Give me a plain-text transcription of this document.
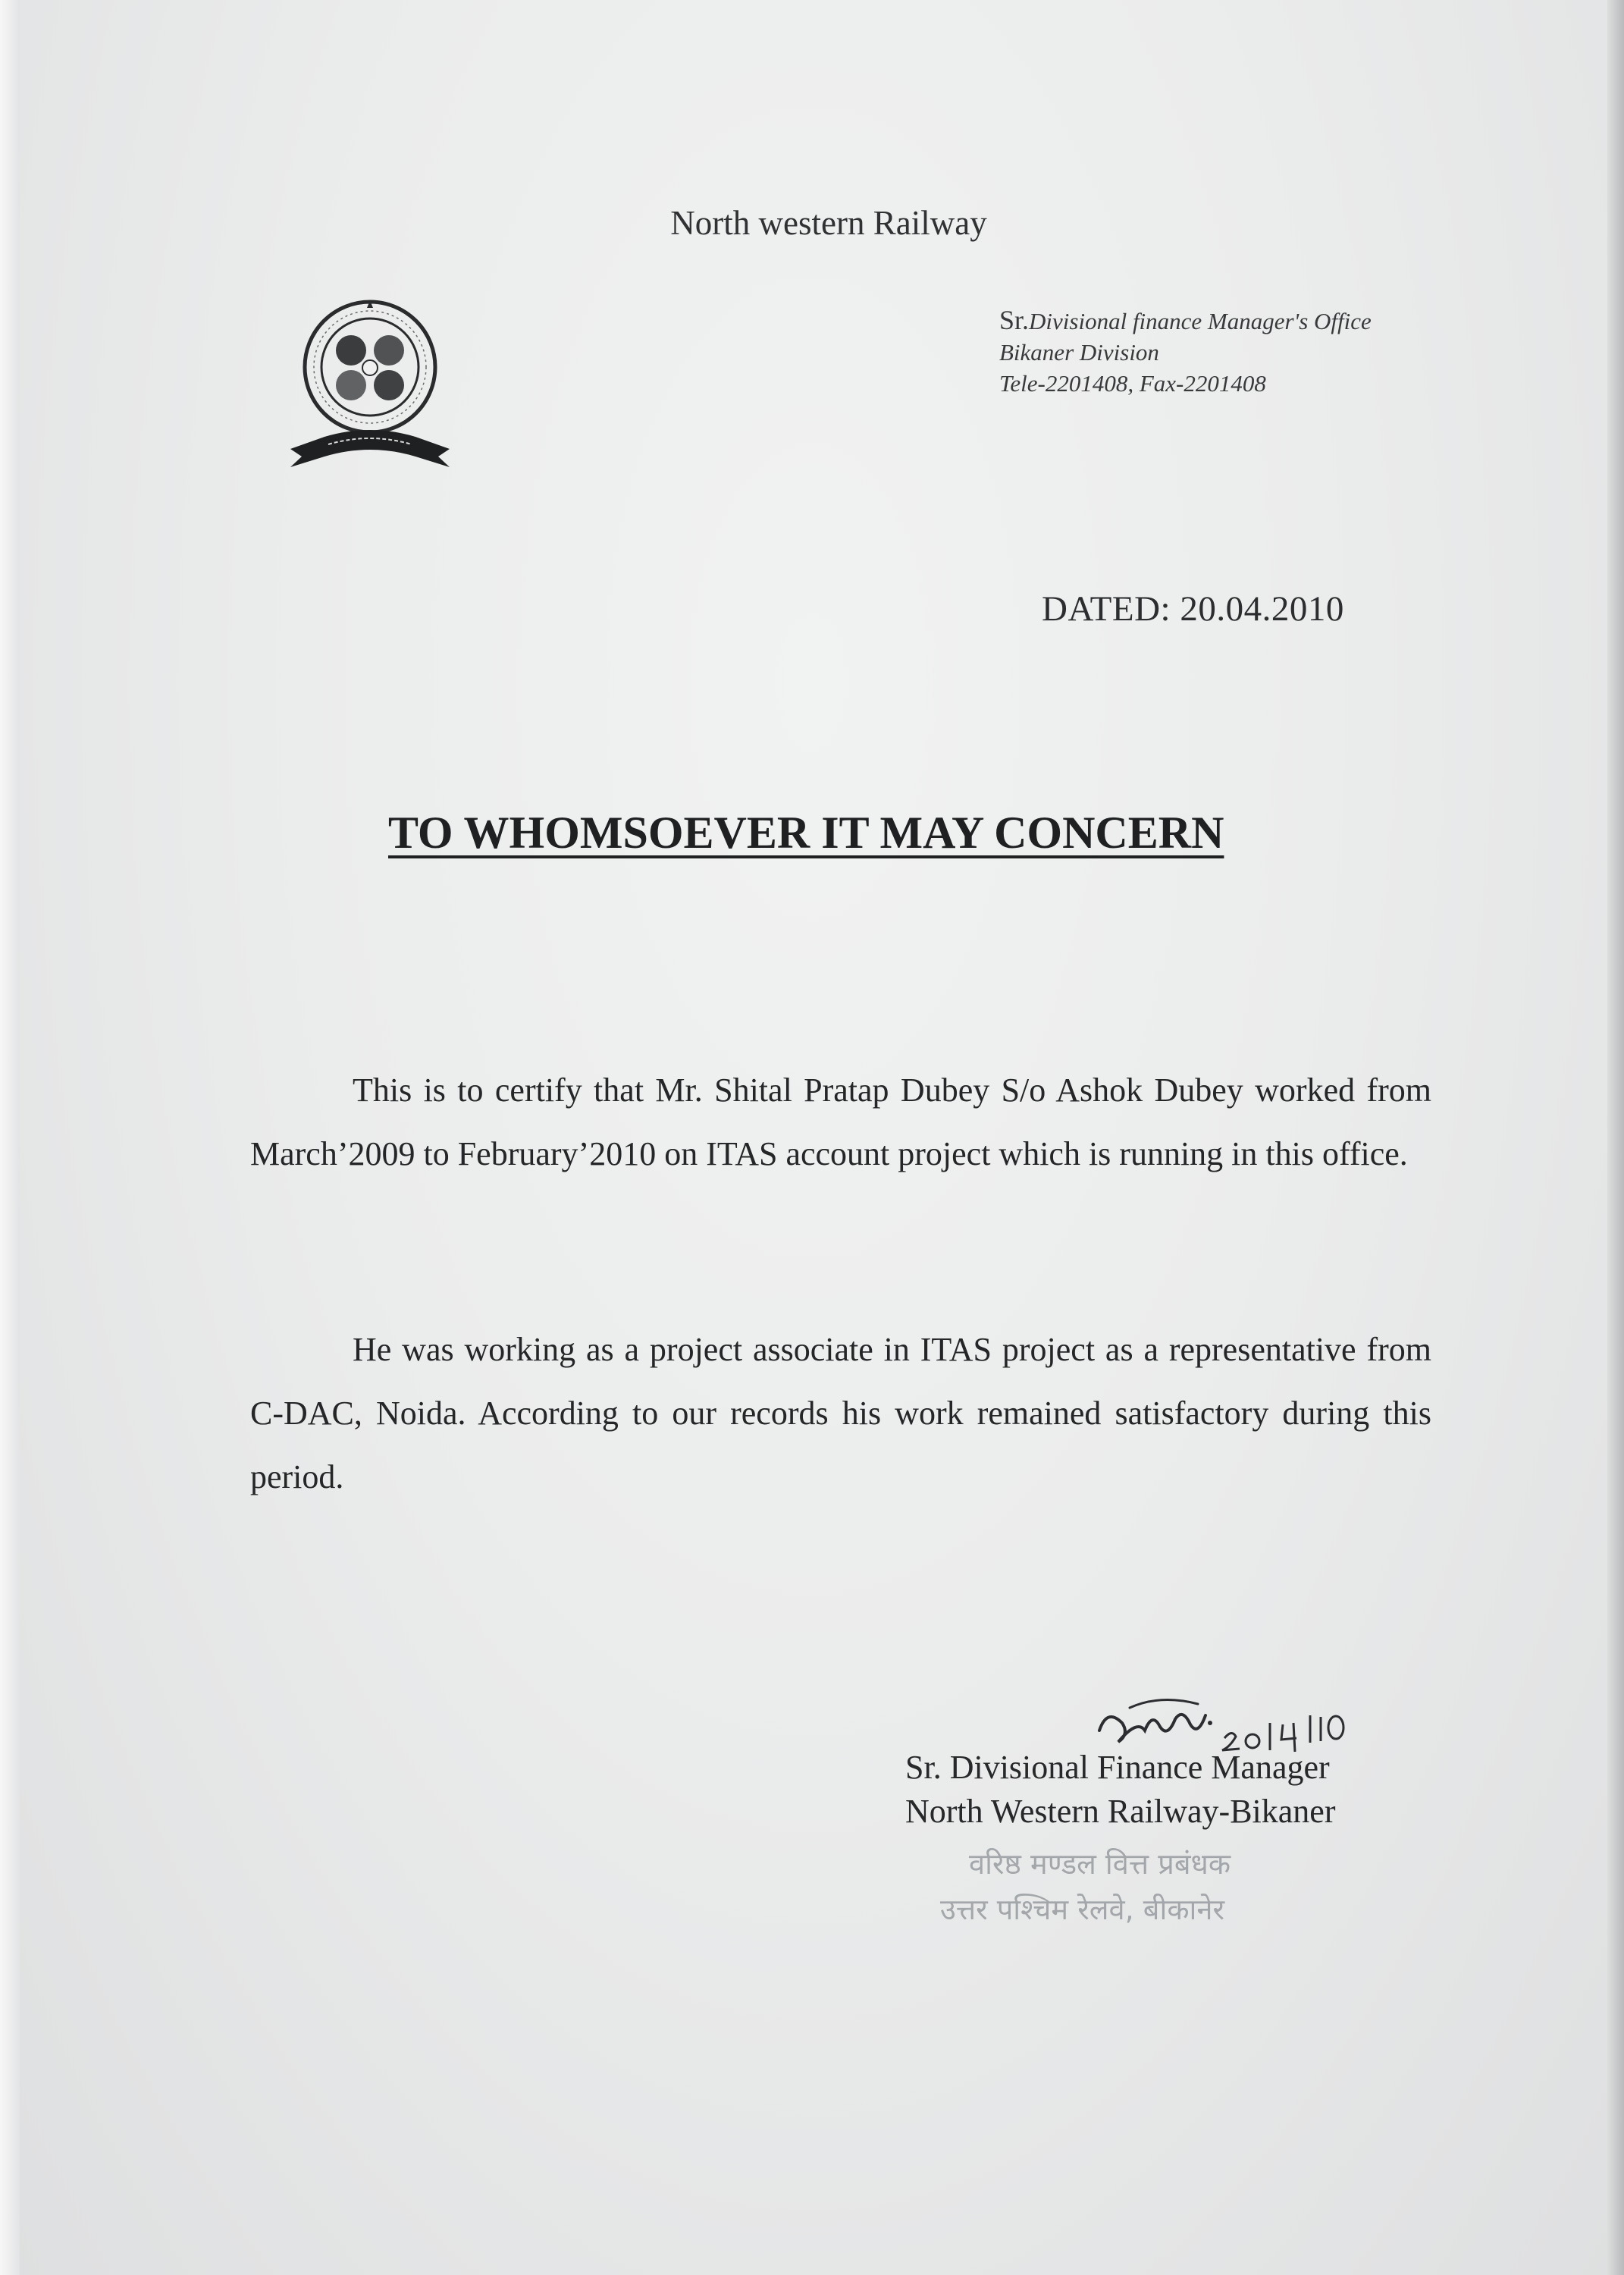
North western Railway
Sr.Divisional finance Manager's Office
Bikaner Division
Tele-2201408, Fax-2201408
DATED: 20.04.2010
TO WHOMSOEVER IT MAY CONCERN

This is to certify that Mr. Shital Pratap Dubey S/o Ashok Dubey worked from March’2009 to February’2010 on ITAS account project which is running in this office.

He was working as a project associate in ITAS project as a representative from C-DAC, Noida. According to our records his work remained satisfactory during this period.

Sr. Divisional Finance Manager
North Western Railway-Bikaner
वरिष्ठ मण्डल वित्त प्रबंधक
उत्तर पश्चिम रेलवे, बीकानेर
